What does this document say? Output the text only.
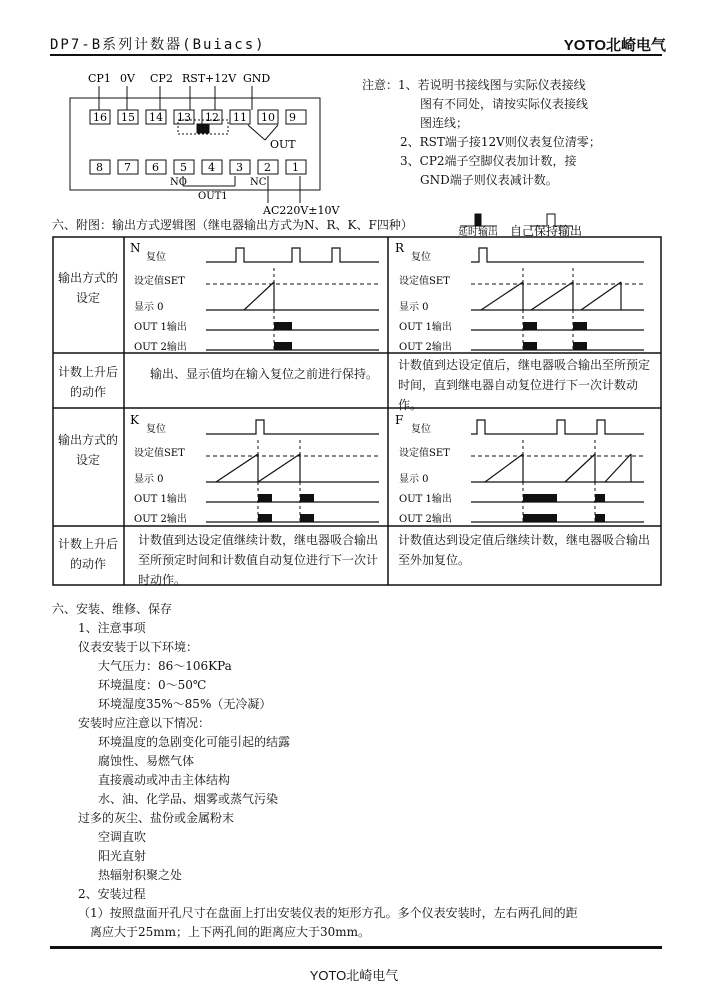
DP7-B系列计数器(Buiacs)	YOTO北崎电气
CP1 0V CP2 RST +12V GND
16 15 14 13 12 11 10 9
8 7 6 5 4 3 2 1
OUT
NO	NC
OUT1
AC220V±10V
注意：1、若说明书接线图与实际仪表接线
图有不同处，请按实际仪表接线
图连线；
2、RST端子接12V则仪表复位清零；
3、CP2端子空脚仪表加计数，接
GND端子则仪表减计数。
六、附图：输出方式逻辑图（继电器输出方式为N、R、K、F四种）
延时输出 自己保持输出
N
复位
设定值SET
显示 0
OUT 1输出
OUT 2输出
R
复位
设定值SET
显示 0
OUT 1输出
OUT 2输出
K
复位
设定值SET
显示 0
OUT 1输出
OUT 2输出
F
复位
设定值SET
显示 0
OUT 1输出
OUT 2输出
输出方式的设定
计数上升后的动作
输出方式的设定
计数上升后的动作
输出、显示值均在输入复位之前进行保持。
计数值到达设定值后，继电器吸合输出至所预定时间，直到继电器自动复位进行下一次计数动作。
计数值到达设定值继续计数，继电器吸合输出至所预定时间和计数值自动复位进行下一次计时动作。
计数值达到设定值后继续计数，继电器吸合输出至外加复位。
六、安装、维修、保存
1、注意事项
仪表安装于以下环境：
大气压力：86～106KPa
环境温度：0～50℃
环境湿度35%～85%（无冷凝）
安装时应注意以下情况：
环境温度的急剧变化可能引起的结露
腐蚀性、易燃气体
直接震动或冲击主体结构
水、油、化学品、烟雾或蒸气污染
过多的灰尘、盐份或金属粉末
空调直吹
阳光直射
热辐射积聚之处
2、安装过程
（1）按照盘面开孔尺寸在盘面上打出安装仪表的矩形方孔。多个仪表安装时，左右两孔间的距
离应大于25mm；上下两孔间的距离应大于30mm。
YOTO北崎电气
